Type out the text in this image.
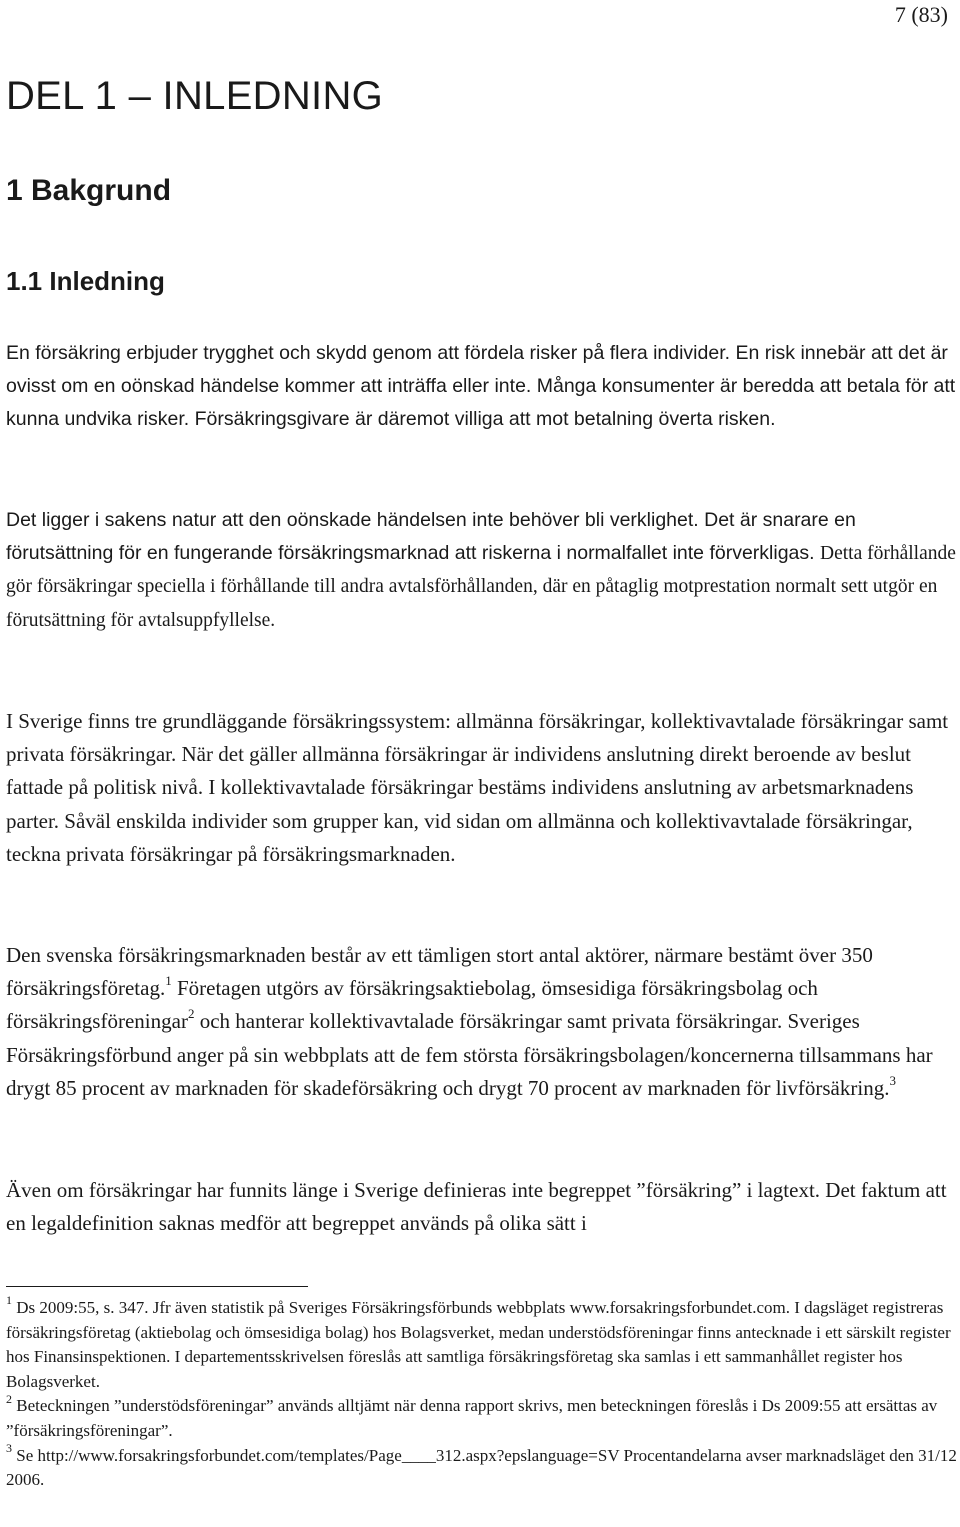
7 (83)
DEL 1 – INLEDNING
1 Bakgrund
1.1 Inledning

En försäkring erbjuder trygghet och skydd genom att fördela risker på flera individer. En risk innebär att det är ovisst om en oönskad händelse kommer att inträffa eller inte. Många konsumenter är beredda att betala för att kunna undvika risker. Försäkringsgivare är däremot villiga att mot betalning överta risken.

Det ligger i sakens natur att den oönskade händelsen inte behöver bli verklighet. Det är snarare en förutsättning för en fungerande försäkringsmarknad att riskerna i normalfallet inte förverkligas. Detta förhållande gör försäkringar speciella i förhållande till andra avtalsförhållanden, där en påtaglig motprestation normalt sett utgör en förutsättning för avtalsuppfyllelse.

I Sverige finns tre grundläggande försäkringssystem: allmänna försäkringar, kollektivavtalade försäkringar samt privata försäkringar. När det gäller allmänna försäkringar är individens anslutning direkt beroende av beslut fattade på politisk nivå. I kollektivavtalade försäkringar bestäms individens anslutning av arbetsmarknadens parter. Såväl enskilda individer som grupper kan, vid sidan om allmänna och kollektivavtalade försäkringar, teckna privata försäkringar på försäkringsmarknaden.

Den svenska försäkringsmarknaden består av ett tämligen stort antal aktörer, närmare bestämt över 350 försäkringsföretag.$^1$ Företagen utgörs av försäkringsaktiebolag, ömsesidiga försäkringsbolag och försäkringsföreningar$^2$ och hanterar kollektivavtalade försäkringar samt privata försäkringar. Sveriges Försäkringsförbund anger på sin webbplats att de fem största försäkringsbolagen/koncernerna tillsammans har drygt 85 procent av marknaden för skadeförsäkring och drygt 70 procent av marknaden för livförsäkring.$^3$

Även om försäkringar har funnits länge i Sverige definieras inte begreppet ”försäkring” i lagtext. Det faktum att en legaldefinition saknas medför att begreppet används på olika sätt i

$^1$ Ds 2009:55, s. 347. Jfr även statistik på Sveriges Försäkringsförbunds webbplats www.forsakringsforbundet.com. I dagsläget registreras försäkringsföretag (aktiebolag och ömsesidiga bolag) hos Bolagsverket, medan understödsföreningar finns antecknade i ett särskilt register hos Finansinspektionen. I departementsskrivelsen föreslås att samtliga försäkringsföretag ska samlas i ett sammanhållet register hos Bolagsverket.

$^2$ Beteckningen ”understödsföreningar” används alltjämt när denna rapport skrivs, men beteckningen föreslås i Ds 2009:55 att ersättas av ”försäkringsföreningar”.

$^3$ Se http://www.forsakringsforbundet.com/templates/Page____312.aspx?epslanguage=SV Procentandelarna avser marknadsläget den 31/12 2006.
